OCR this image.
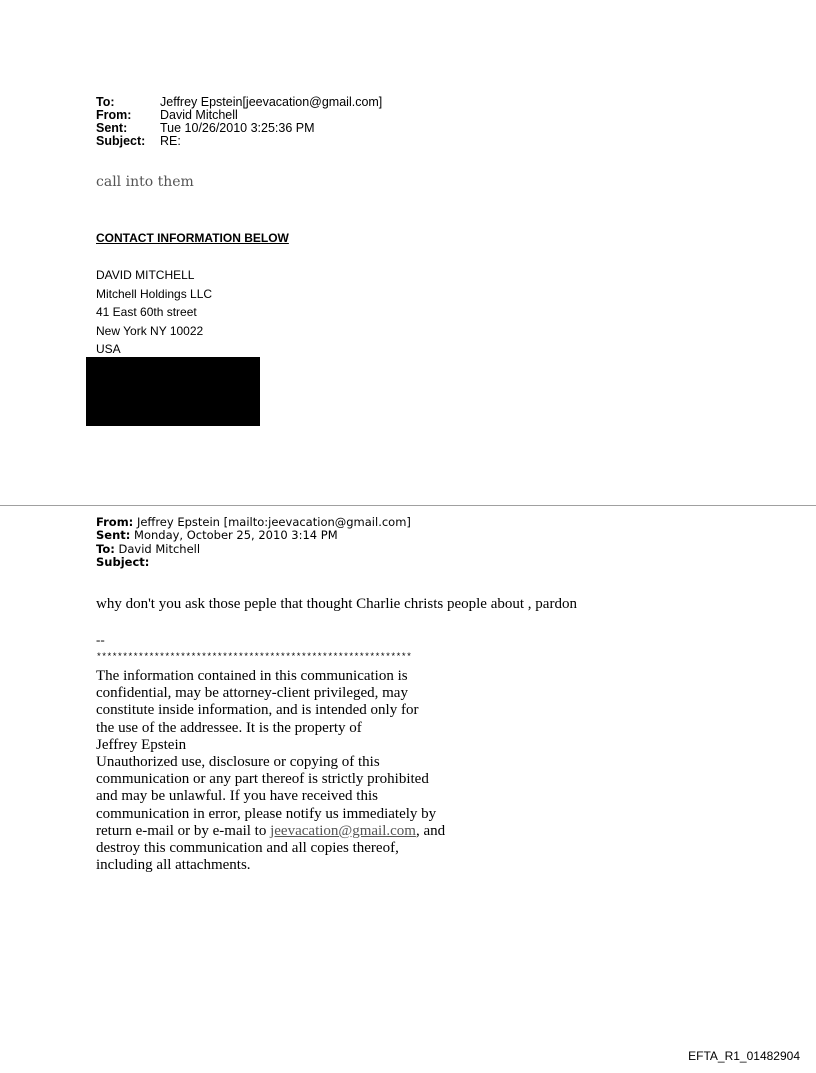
To:	Jeffrey Epstein[jeevacation@gmail.com]
From:	David Mitchell
Sent:	Tue 10/26/2010 3:25:36 PM
Subject:	RE:
call into them
CONTACT INFORMATION BELOW
DAVID MITCHELL
Mitchell Holdings LLC
41 East 60th street
New York NY 10022
USA
From: Jeffrey Epstein [mailto:jeevacation@gmail.com]
Sent: Monday, October 25, 2010 3:14 PM
To: David Mitchell
Subject:
why don't you ask those peple that thought Charlie christs people about , pardon
--
************************************************************
The information contained in this communication is
confidential, may be attorney-client privileged, may
constitute inside information, and is intended only for
the use of the addressee. It is the property of
Jeffrey Epstein
Unauthorized use, disclosure or copying of this
communication or any part thereof is strictly prohibited
and may be unlawful. If you have received this
communication in error, please notify us immediately by
return e-mail or by e-mail to jeevacation@gmail.com, and
destroy this communication and all copies thereof,
including all attachments.
EFTA_R1_01482904
